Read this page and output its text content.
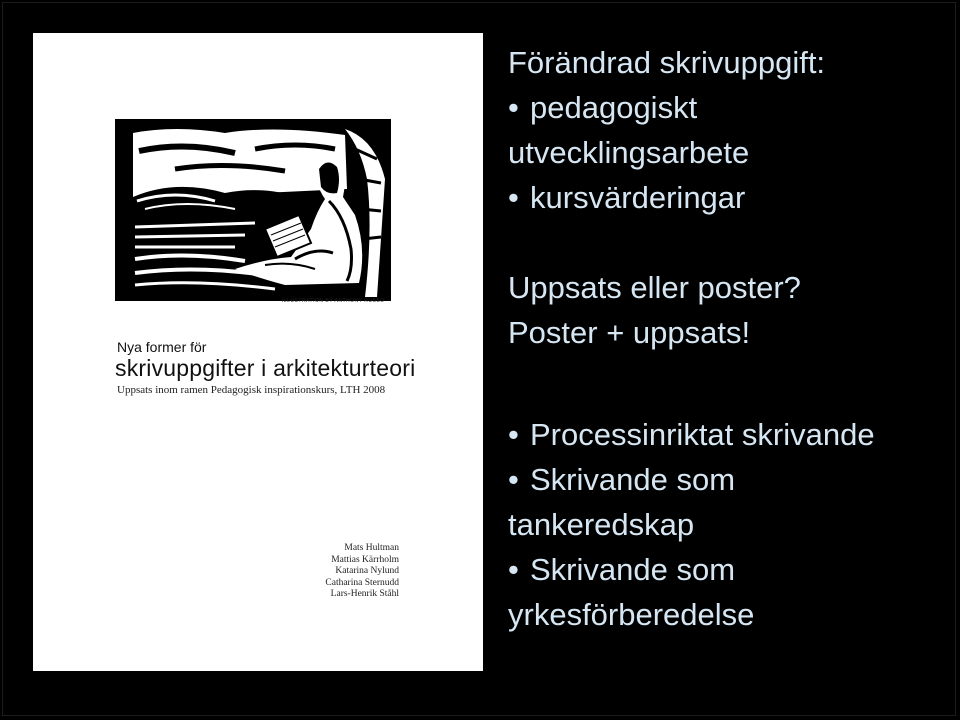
ILLUSTRATION BY ANTHONY RUSSO
Nya former för
skrivuppgifter i arkitekturteori
Uppsats inom ramen Pedagogisk inspirationskurs, LTH 2008
Mats Hultman
Mattias Kärrholm
Katarina Nylund
Catharina Sternudd
Lars-Henrik Ståhl
Förändrad skrivuppgift:
•pedagogiskt
utvecklingsarbete
•kursvärderingar
Uppsats eller poster?
Poster + uppsats!
•Processinriktat skrivande
•Skrivande som
tankeredskap
•Skrivande som
yrkesförberedelse
